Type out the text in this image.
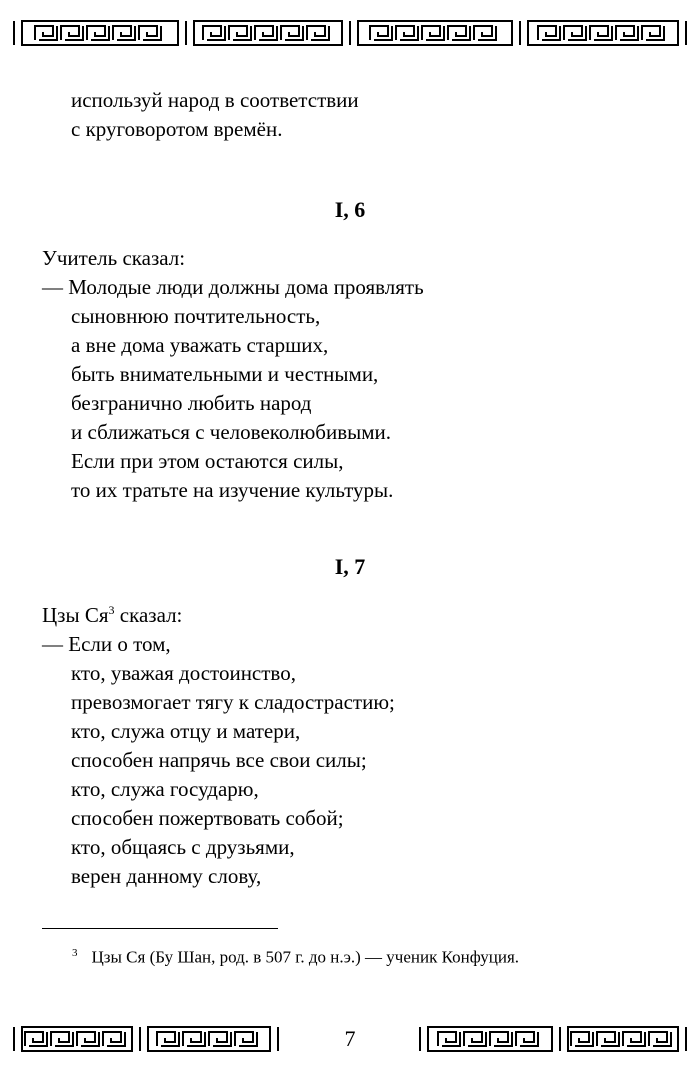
используй народ в соответствии
с круговоротом времён.
I, 6
Учитель сказал:
— Молодые люди должны дома проявлять
сыновнюю почтительность,
а вне дома уважать старших,
быть внимательными и честными,
безгранично любить народ
и сближаться с человеколюбивыми.
Если при этом остаются силы,
то их тратьте на изучение культуры.
I, 7
Цзы $Ся^3$ сказал:
— Если о том,
кто, уважая достоинство,
превозмогает тягу к сладострастию;
кто, служа отцу и матери,
способен напрячь все свои силы;
кто, служа государю,
способен пожертвовать собой;
кто, общаясь с друзьями,
верен данному слову,
$^3$ Цзы Ся (Бу Шан, род. в 507 г. до н.э.) — ученик Конфуция.
7
